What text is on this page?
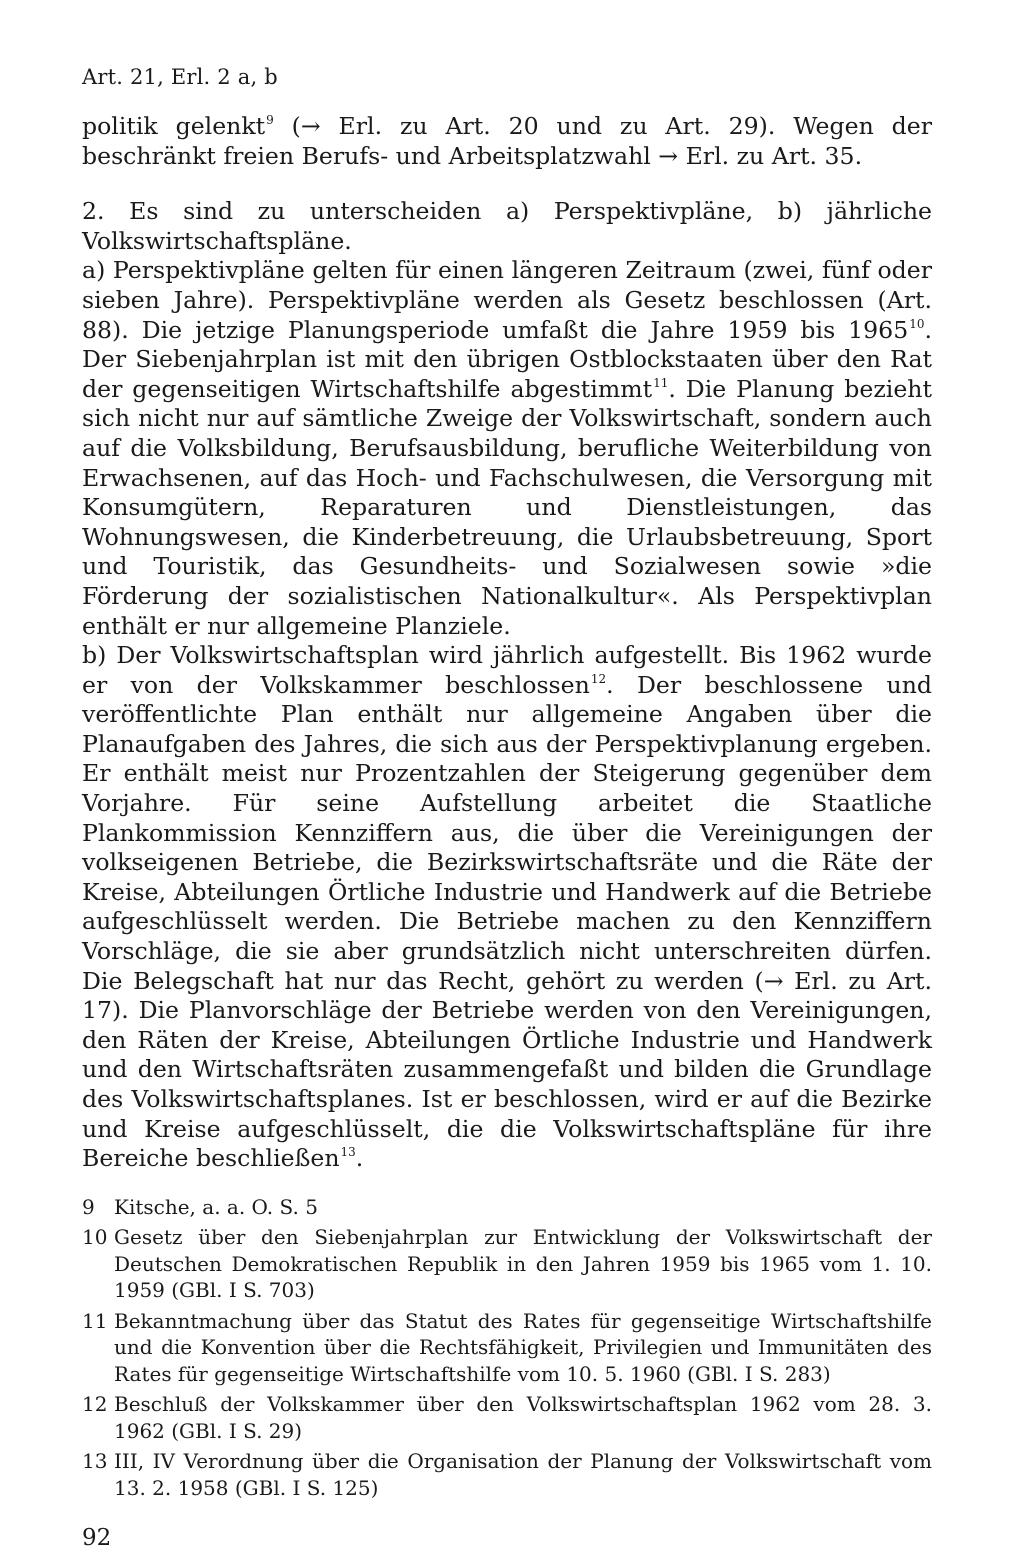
Art. 21, Erl. 2 a, b

politik gelenkt$^9$ (→ Erl. zu Art. 20 und zu Art. 29). Wegen der beschränkt freien Berufs- und Arbeitsplatzwahl → Erl. zu Art. 35.

2. Es sind zu unterscheiden a) Perspektivpläne, b) jährliche Volkswirtschaftspläne.

a) Perspektivpläne gelten für einen längeren Zeitraum (zwei, fünf oder sieben Jahre). Perspektivpläne werden als Gesetz beschlossen (Art. 88). Die jetzige Planungsperiode umfaßt die Jahre 1959 bis 1965$^{10}$. Der Siebenjahrplan ist mit den übrigen Ostblockstaaten über den Rat der gegenseitigen Wirtschaftshilfe abgestimmt$^{11}$. Die Planung bezieht sich nicht nur auf sämtliche Zweige der Volkswirtschaft, sondern auch auf die Volksbildung, Berufsausbildung, berufliche Weiterbildung von Erwachsenen, auf das Hoch- und Fachschulwesen, die Versorgung mit Konsumgütern, Reparaturen und Dienstleistungen, das Wohnungswesen, die Kinderbetreuung, die Urlaubsbetreuung, Sport und Touristik, das Gesundheits- und Sozialwesen sowie »die Förderung der sozialistischen Nationalkultur«. Als Perspektivplan enthält er nur allgemeine Planziele.

b) Der Volkswirtschaftsplan wird jährlich aufgestellt. Bis 1962 wurde er von der Volkskammer beschlossen$^{12}$. Der beschlossene und veröffentlichte Plan enthält nur allgemeine Angaben über die Planaufgaben des Jahres, die sich aus der Perspektivplanung ergeben. Er enthält meist nur Prozentzahlen der Steigerung gegenüber dem Vorjahre. Für seine Aufstellung arbeitet die Staatliche Plankommission Kennziffern aus, die über die Vereinigungen der volkseigenen Betriebe, die Bezirkswirtschaftsräte und die Räte der Kreise, Abteilungen Örtliche Industrie und Handwerk auf die Betriebe aufgeschlüsselt werden. Die Betriebe machen zu den Kennziffern Vorschläge, die sie aber grundsätzlich nicht unterschreiten dürfen. Die Belegschaft hat nur das Recht, gehört zu werden (→ Erl. zu Art. 17). Die Planvorschläge der Betriebe werden von den Vereinigungen, den Räten der Kreise, Abteilungen Örtliche Industrie und Handwerk und den Wirtschaftsräten zusammengefaßt und bilden die Grundlage des Volkswirtschaftsplanes. Ist er beschlossen, wird er auf die Bezirke und Kreise aufgeschlüsselt, die die Volkswirtschaftspläne für ihre Bereiche beschließen$^{13}$.

9 Kitsche, a. a. O. S. 5
10 Gesetz über den Siebenjahrplan zur Entwicklung der Volkswirtschaft der Deutschen Demokratischen Republik in den Jahren 1959 bis 1965 vom 1. 10. 1959 (GBl. I S. 703)
11 Bekanntmachung über das Statut des Rates für gegenseitige Wirtschaftshilfe und die Konvention über die Rechtsfähigkeit, Privilegien und Immunitäten des Rates für gegenseitige Wirtschaftshilfe vom 10. 5. 1960 (GBl. I S. 283)
12 Beschluß der Volkskammer über den Volkswirtschaftsplan 1962 vom 28. 3. 1962 (GBl. I S. 29)
13 III, IV Verordnung über die Organisation der Planung der Volkswirtschaft vom 13. 2. 1958 (GBl. I S. 125)
92
